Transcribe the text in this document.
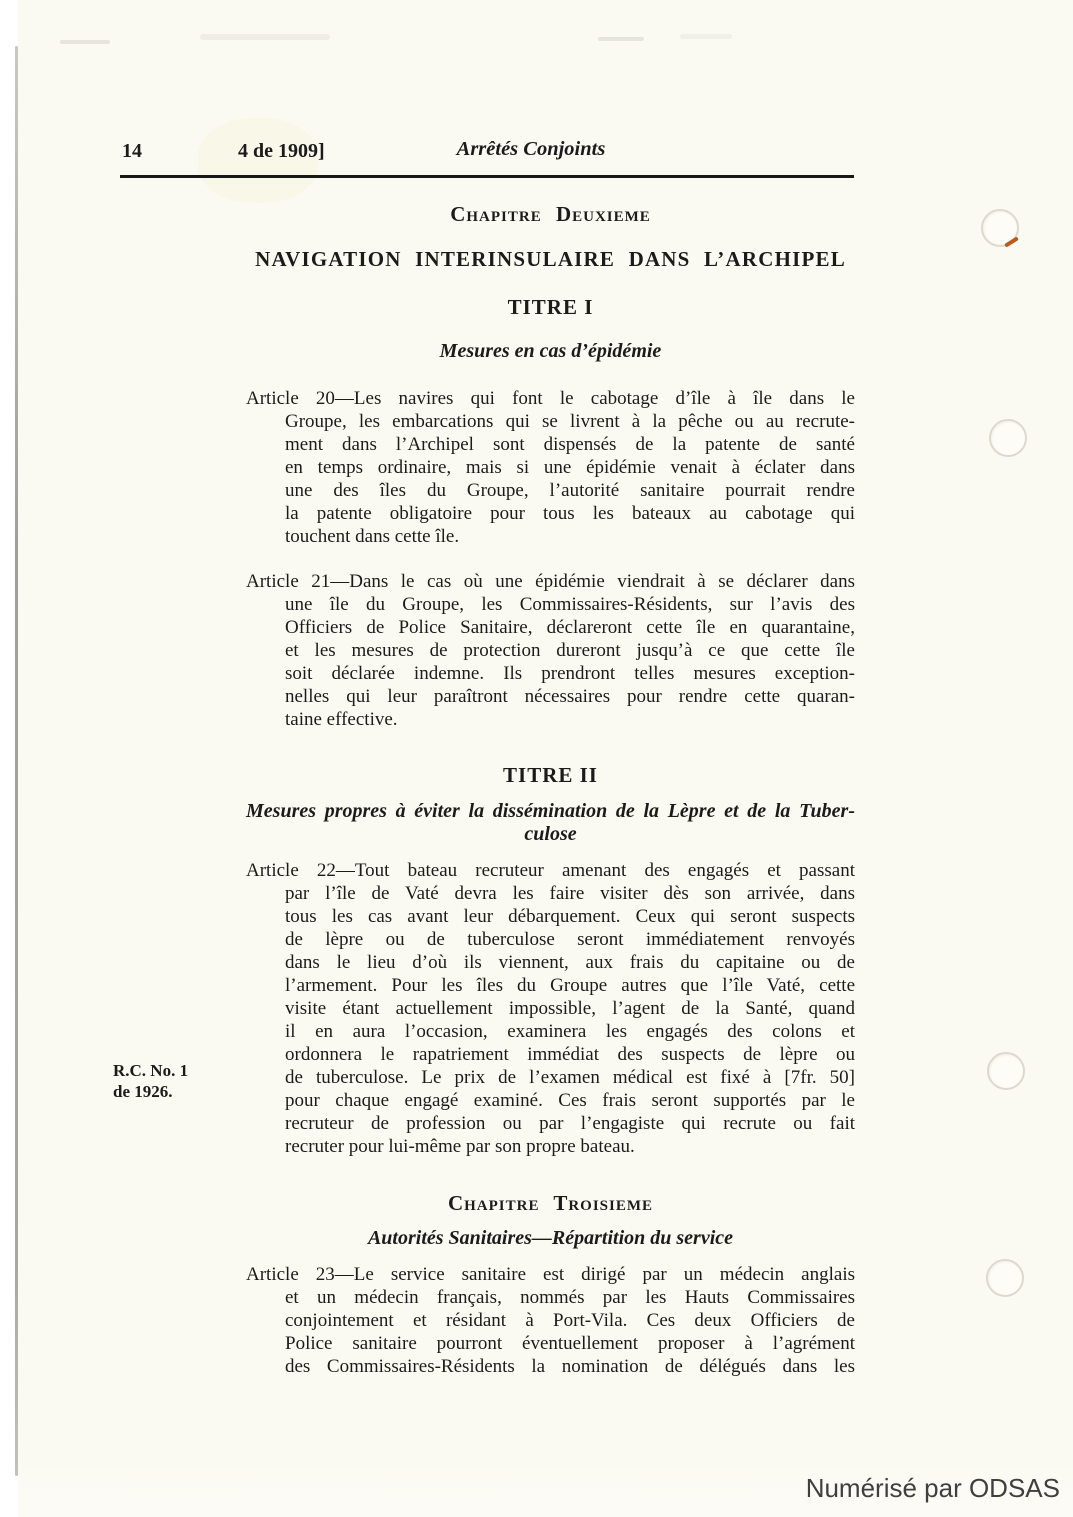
14	4 de 1909]	Arrêtés Conjoints
Chapitre Deuxieme
NAVIGATION INTERINSULAIRE DANS L’ARCHIPEL
TITRE I
Mesures en cas d’épidémie
Article 20—Les navires qui font le cabotage d’île à île dans le
Groupe, les embarcations qui se livrent à la pêche ou au recrute-
ment dans l’Archipel sont dispensés de la patente de santé
en temps ordinaire, mais si une épidémie venait à éclater dans
une des îles du Groupe, l’autorité sanitaire pourrait rendre
la patente obligatoire pour tous les bateaux au cabotage qui
touchent dans cette île.
Article 21—Dans le cas où une épidémie viendrait à se déclarer dans
une île du Groupe, les Commissaires-Résidents, sur l’avis des
Officiers de Police Sanitaire, déclareront cette île en quarantaine,
et les mesures de protection dureront jusqu’à ce que cette île
soit déclarée indemne. Ils prendront telles mesures exception-
nelles qui leur paraîtront nécessaires pour rendre cette quaran-
taine effective.
TITRE II
Mesures propres à éviter la dissémination de la Lèpre et de la Tuber-
culose
Article 22—Tout bateau recruteur amenant des engagés et passant
par l’île de Vaté devra les faire visiter dès son arrivée, dans
tous les cas avant leur débarquement. Ceux qui seront suspects
de lèpre ou de tuberculose seront immédiatement renvoyés
dans le lieu d’où ils viennent, aux frais du capitaine ou de
l’armement. Pour les îles du Groupe autres que l’île Vaté, cette
visite étant actuellement impossible, l’agent de la Santé, quand
il en aura l’occasion, examinera les engagés des colons et
ordonnera le rapatriement immédiat des suspects de lèpre ou
de tuberculose. Le prix de l’examen médical est fixé à [7fr. 50]
pour chaque engagé examiné. Ces frais seront supportés par le
recruteur de profession ou par l’engagiste qui recrute ou fait
recruter pour lui-même par son propre bateau.
R.C. No. 1
de 1926.
Chapitre Troisieme
Autorités Sanitaires—Répartition du service
Article 23—Le service sanitaire est dirigé par un médecin anglais
et un médecin français, nommés par les Hauts Commissaires
conjointement et résidant à Port-Vila. Ces deux Officiers de
Police sanitaire pourront éventuellement proposer à l’agrément
des Commissaires-Résidents la nomination de délégués dans les
Numérisé par ODSAS
